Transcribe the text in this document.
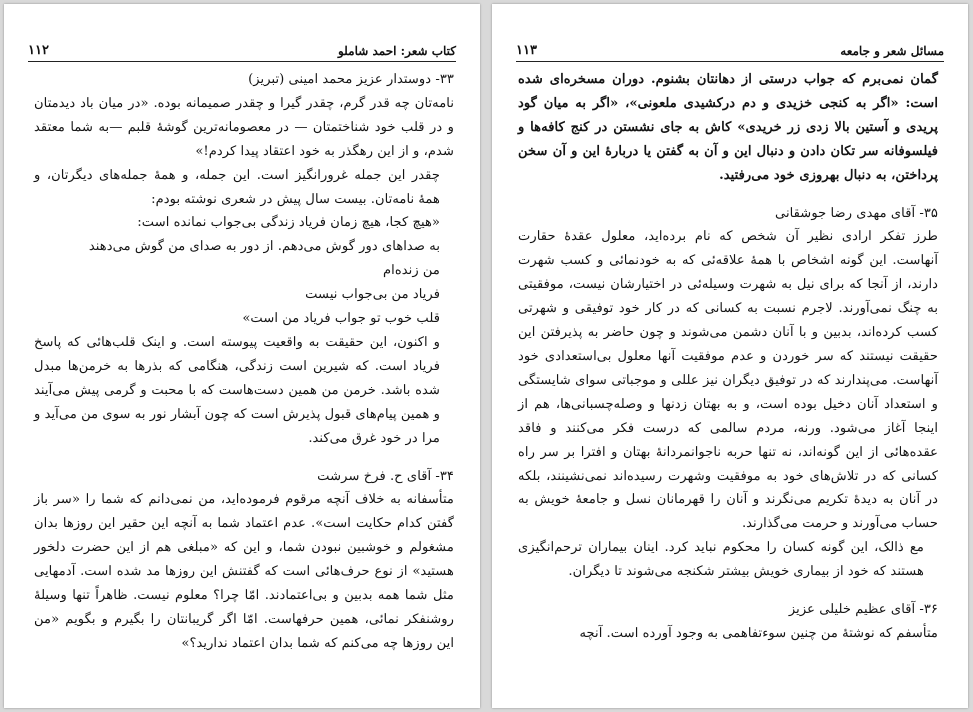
کتاب شعر: احمد شاملو
۱۱۲

۳۳- دوستدار عزیز محمد امینی (تبریز)

نامه‌تان چه قدر گرم، چقدر گیرا و چقدر صمیمانه بوده. «در میان باد دیدمتان و در قلب خود شناختمتان — در معصومانه‌ترین گوشهٔ قلبم —به شما معتقد شدم، و از این رهگذر به خود اعتقاد پیدا کردم!»

چقدر این جمله غرورانگیز است. این جمله، و همهٔ جمله‌های دیگرتان، و همهٔ نامه‌تان. بیست سال پیش در شعری نوشته بودم:

«هیچ کجا، هیچ زمان فریاد زندگی بی‌جواب نمانده است:

به صداهای دور گوش می‌دهم. از دور به صدای من گوش می‌دهند

من زنده‌ام

فریاد من بی‌جواب نیست

قلب خوب تو جواب فریاد من است»

و اکنون، این حقیقت به واقعیت پیوسته است. و اینک قلب‌هائی که پاسخ فریاد است. که شیرین است زندگی، هنگامی که بذرها به خرمن‌ها مبدل شده باشد. خرمن من همین دست‌هاست که با محبت و گرمی پیش می‌آیند و همین پیام‌های قبول پذیرش است که چون آبشار نور به سوی من می‌آید و مرا در خود غرق می‌کند.

۳۴- آقای ح. فرخ سرشت

متأسفانه به خلاف آنچه مرقوم فرموده‌اید، من نمی‌دانم که شما را «سر باز گفتن کدام حکایت است». عدم اعتماد شما به آنچه این حقیر این روزها بدان مشغولم و خوشبین نبودن شما، و این که «مبلغی هم از این حضرت دلخور هستید» از نوع حرف‌هائی است که گفتنش این روزها مد شده است. آدمهایی مثل شما همه بدبین و بی‌اعتمادند. امّا چرا؟ معلوم نیست. ظاهراً تنها وسیلهٔ روشنفکر نمائی، همین حرفهاست. امّا اگر گریبانتان را بگیرم و بگویم «من این روزها چه می‌کنم که شما بدان اعتماد ندارید؟»

مسائل شعر و جامعه
۱۱۳

گمان نمی‌برم که جواب درستی از دهانتان بشنوم. دوران مسخره‌ای شده است: «اگر به کنجی خزیدی و دم درکشیدی ملعونی»، «اگر به میان گود پریدی و آستین بالا زدی زر خریدی» کاش به جای نشستن در کنج کافه‌ها و فیلسوفانه سر تکان دادن و دنبال این و آن به گفتن یا دربارهٔ این و آن سخن پرداختن، به دنبال بهروزی خود می‌رفتید.

۳۵- آقای مهدی رضا جوشقانی

طرز تفکر ارادی نظیر آن شخص که نام برده‌اید، معلول عقدهٔ حقارت آنهاست. این گونه اشخاص با همهٔ علاقه‌ئی که به خودنمائی و کسب شهرت دارند، از آنجا که برای نیل به شهرت وسیله‌ئی در اختیارشان نیست، موفقیتی به چنگ نمی‌آورند. لاجرم نسبت به کسانی که در کار خود توفیقی و شهرتی کسب کرده‌اند، بدبین و با آنان دشمن می‌شوند و چون حاضر به پذیرفتن این حقیقت نیستند که سر خوردن و عدم موفقیت آنها معلول بی‌استعدادی خود آنهاست. می‌پندارند که در توفیق دیگران نیز عللی و موجباتی سوای شایستگی و استعداد آنان دخیل بوده است، و به بهتان زدنها و وصله‌چسبانی‌ها، هم از اینجا آغاز می‌شود. ورنه، مردم سالمی که درست فکر می‌کنند و فاقد عقده‌هائی از این گونه‌اند، نه تنها حربه ناجوانمردانهٔ بهتان و افترا بر سر راه کسانی که در تلاش‌های خود به موفقیت وشهرت رسیده‌اند نمی‌نشینند، بلکه در آنان به دیدهٔ تکریم می‌نگرند و آنان را قهرمانان نسل و جامعهٔ خویش به حساب می‌آورند و حرمت می‌گذارند.

مع ذالک، این گونه کسان را محکوم نباید کرد. اینان بیماران ترحم‌انگیزی هستند که خود از بیماری خویش بیشتر شکنجه می‌شوند تا دیگران.

۳۶- آقای عظیم خلیلی عزیز

متأسفم که نوشتهٔ من چنین سوءتفاهمی به وجود آورده است. آنچه
